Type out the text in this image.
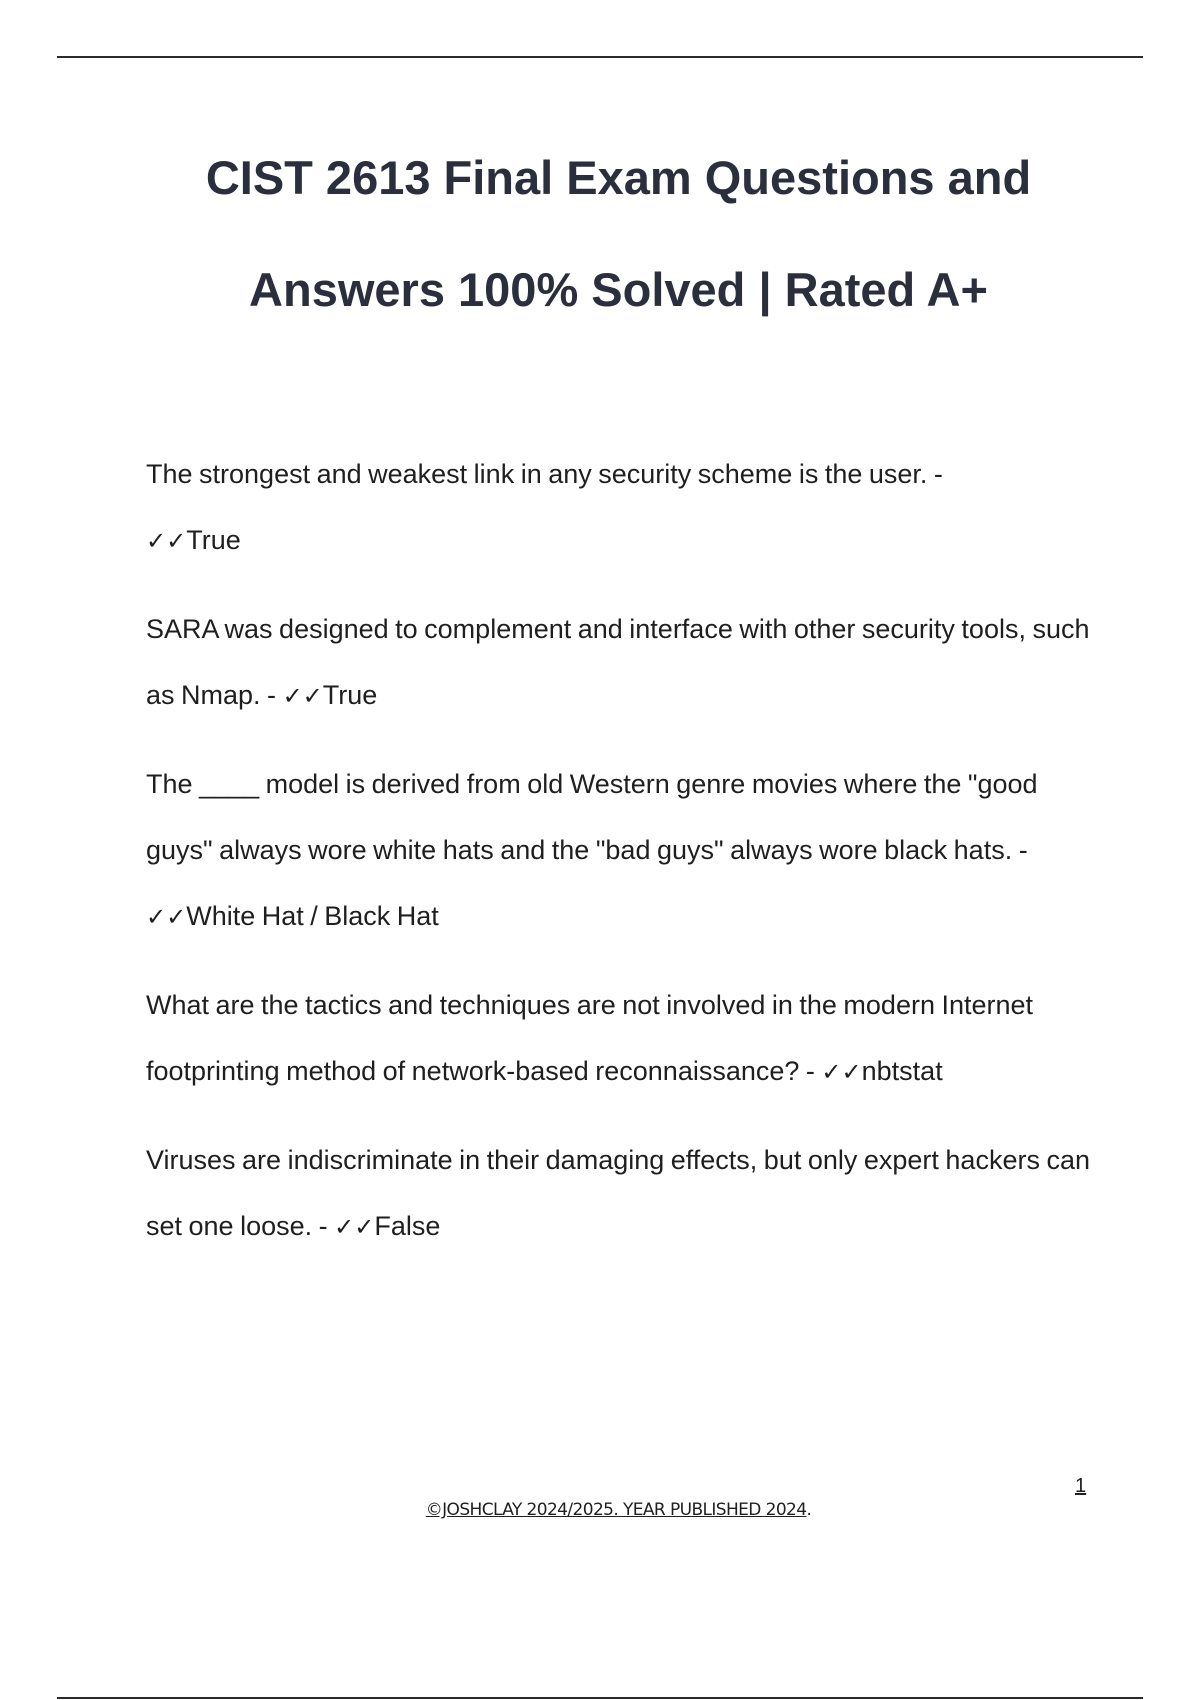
CIST 2613 Final Exam Questions and
Answers 100% Solved | Rated A+

The strongest and weakest link in any security scheme is the user. -
✓✓True

SARA was designed to complement and interface with other security tools, such as Nmap. - ✓✓True

The ____ model is derived from old Western genre movies where the "good guys" always wore white hats and the "bad guys" always wore black hats. - ✓✓White Hat / Black Hat

What are the tactics and techniques are not involved in the modern Internet footprinting method of network-based reconnaissance? - ✓✓nbtstat

Viruses are indiscriminate in their damaging effects, but only expert hackers can set one loose. - ✓✓False

1
©JOSHCLAY 2024/2025. YEAR PUBLISHED 2024.
